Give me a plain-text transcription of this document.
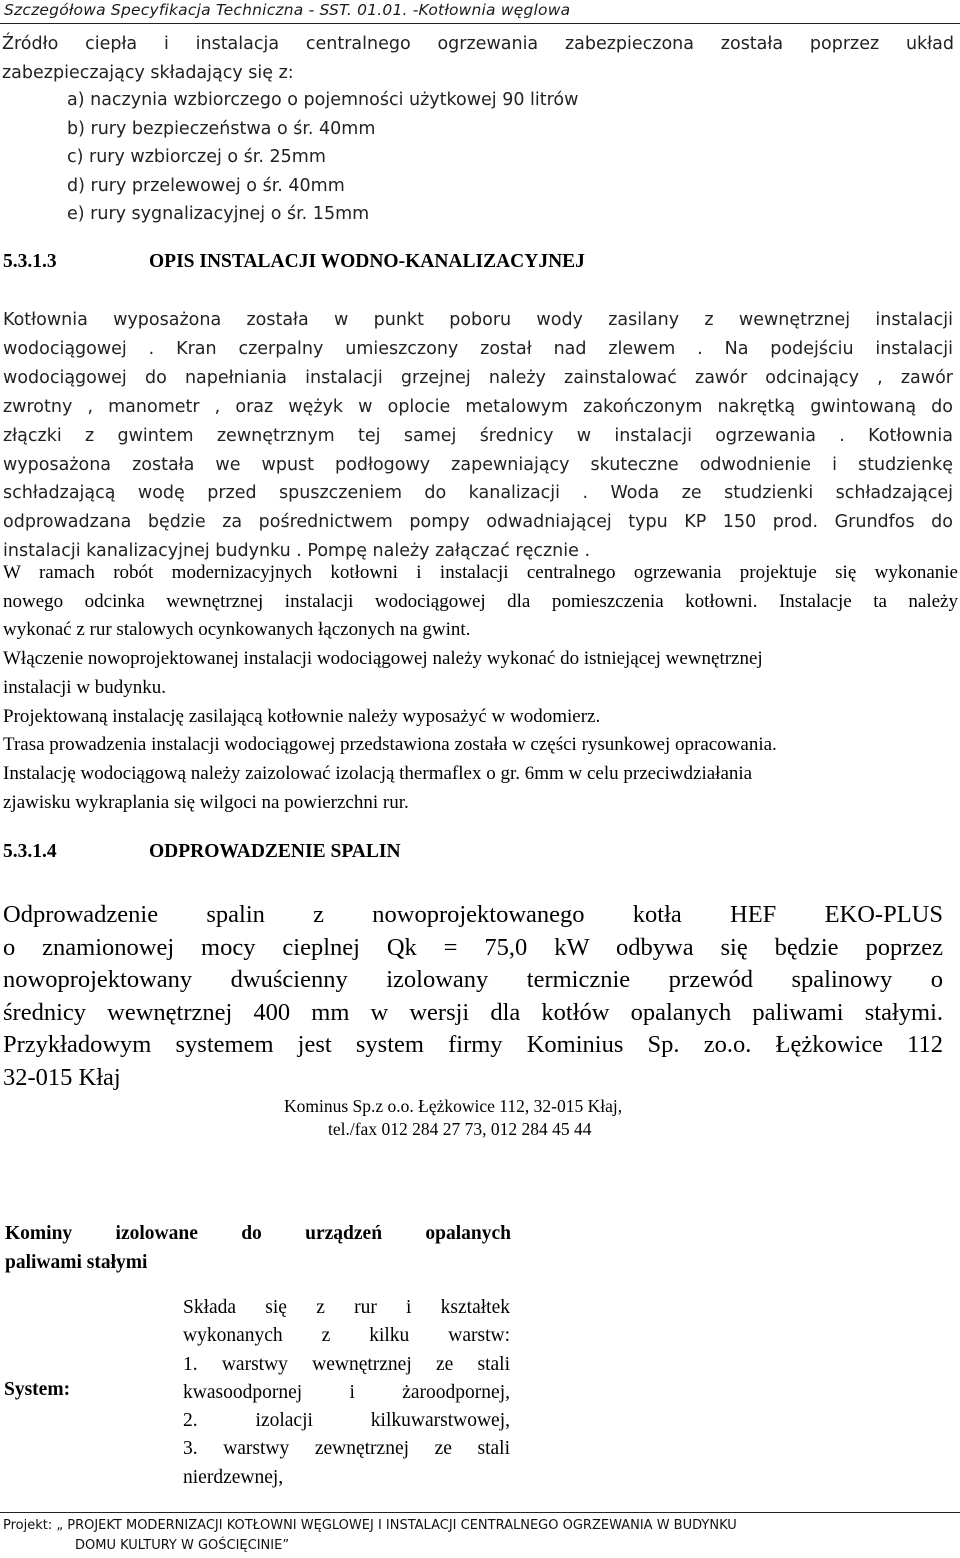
Szczegółowa Specyfikacja Techniczna - SST. 01.01. -Kotłownia węglowa
Źródło ciepła i instalacja centralnego ogrzewania zabezpieczona została poprzez układ
zabezpieczający składający się z:
a) naczynia wzbiorczego o pojemności użytkowej 90 litrów
b) rury bezpieczeństwa o śr. 40mm
c) rury wzbiorczej o śr. 25mm
d) rury przelewowej o śr. 40mm
e) rury sygnalizacyjnej o śr. 15mm
5.3.1.3	OPIS INSTALACJI WODNO-KANALIZACYJNEJ
Kotłownia wyposażona została w punkt poboru wody zasilany z wewnętrznej instalacji
wodociągowej . Kran czerpalny umieszczony został nad zlewem . Na podejściu instalacji
wodociągowej do napełniania instalacji grzejnej należy zainstalować zawór odcinający , zawór
zwrotny , manometr , oraz wężyk w oplocie metalowym zakończonym nakrętką gwintowaną do
złączki z gwintem zewnętrznym tej samej średnicy w instalacji ogrzewania . Kotłownia
wyposażona została we wpust podłogowy zapewniający skuteczne odwodnienie i studzienkę
schładzającą wodę przed spuszczeniem do kanalizacji . Woda ze studzienki schładzającej
odprowadzana będzie za pośrednictwem pompy odwadniającej typu KP 150 prod. Grundfos do
instalacji kanalizacyjnej budynku . Pompę należy załączać ręcznie .
W ramach robót modernizacyjnych kotłowni i instalacji centralnego ogrzewania projektuje się wykonanie
nowego odcinka wewnętrznej instalacji wodociągowej dla pomieszczenia kotłowni. Instalacje ta należy
wykonać z rur stalowych ocynkowanych łączonych na gwint.
Włączenie nowoprojektowanej instalacji wodociągowej należy wykonać do istniejącej wewnętrznej
instalacji w budynku.
Projektowaną instalację zasilającą kotłownie należy wyposażyć w wodomierz.
Trasa prowadzenia instalacji wodociągowej przedstawiona została w części rysunkowej opracowania.
Instalację wodociągową należy zaizolować izolacją thermaflex o gr. 6mm w celu przeciwdziałania
zjawisku wykraplania się wilgoci na powierzchni rur.
5.3.1.4	ODPROWADZENIE SPALIN
Odprowadzenie spalin z nowoprojektowanego kotła HEF EKO-PLUS
o znamionowej mocy cieplnej Qk = 75,0 kW odbywa się będzie poprzez
nowoprojektowany dwuścienny izolowany termicznie przewód spalinowy o
średnicy wewnętrznej 400 mm w wersji dla kotłów opalanych paliwami stałymi.
Przykładowym systemem jest system firmy Kominius Sp. zo.o. Łężkowice 112
32-015 Kłaj
Kominus Sp.z o.o. Łężkowice 112, 32-015 Kłaj,
tel./fax 012 284 27 73, 012 284 45 44
Kominy izolowane do urządzeń opalanych
paliwami stałymi
System:
Składa się z rur i kształtek
wykonanych z kilku warstw:
1. warstwy wewnętrznej ze stali
kwasoodpornej i żaroodpornej,
2. izolacji kilkuwarstwowej,
3. warstwy zewnętrznej ze stali
nierdzewnej,
Projekt: „ PROJEKT MODERNIZACJI KOTŁOWNI WĘGLOWEJ I INSTALACJI CENTRALNEGO OGRZEWANIA W BUDYNKU
DOMU KULTURY W GOŚCIĘCINIE”
